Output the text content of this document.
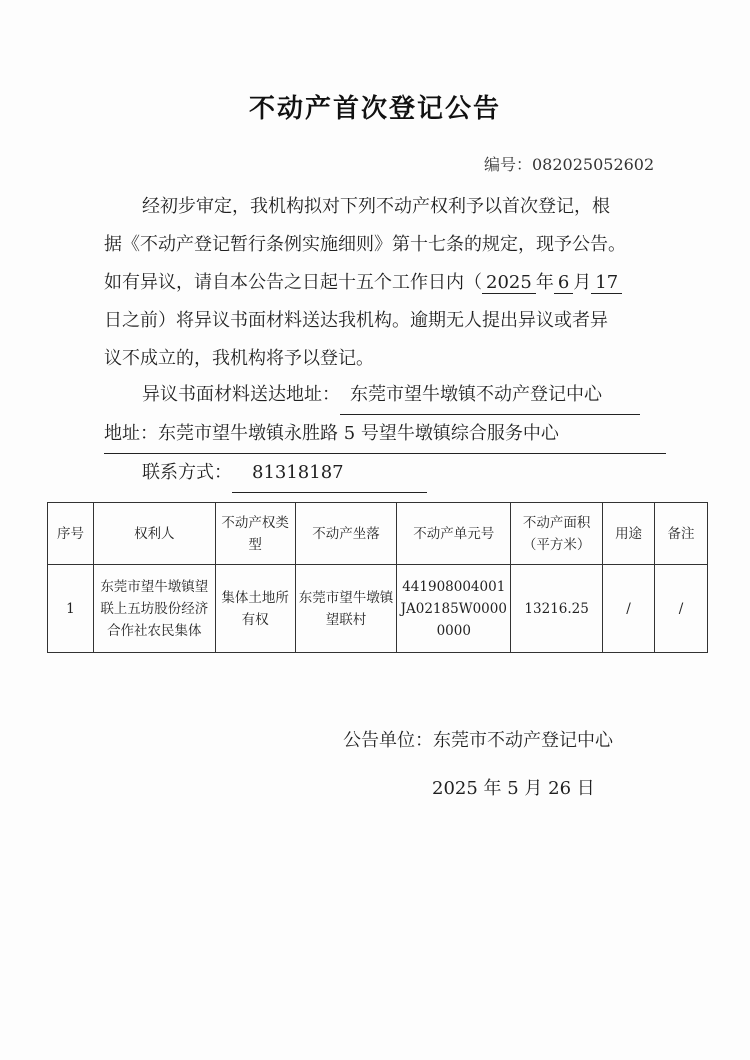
不动产首次登记公告
编号：082025052602
经初步审定，我机构拟对下列不动产权利予以首次登记，根
据《不动产登记暂行条例实施细则》第十七条的规定，现予公告。
如有异议，请自本公告之日起十五个工作日内（ 2025 年 6 月 17
日之前）将异议书面材料送达我机构。逾期无人提出异议或者异
议不成立的，我机构将予以登记。
异议书面材料送达地址： 东莞市望牛墩镇不动产登记中心
地址：东莞市望牛墩镇永胜路 5 号望牛墩镇综合服务中心
联系方式： 81318187
序号	权利人	不动产权类型	不动产坐落	不动产单元号	不动产面积（平方米）	用途	备注
1	东莞市望牛墩镇望联上五坊股份经济合作社农民集体	集体土地所有权	东莞市望牛墩镇望联村	441908004001JA02185W00000000	13216.25	/	/
公告单位：东莞市不动产登记中心
2025 年 5 月 26 日
